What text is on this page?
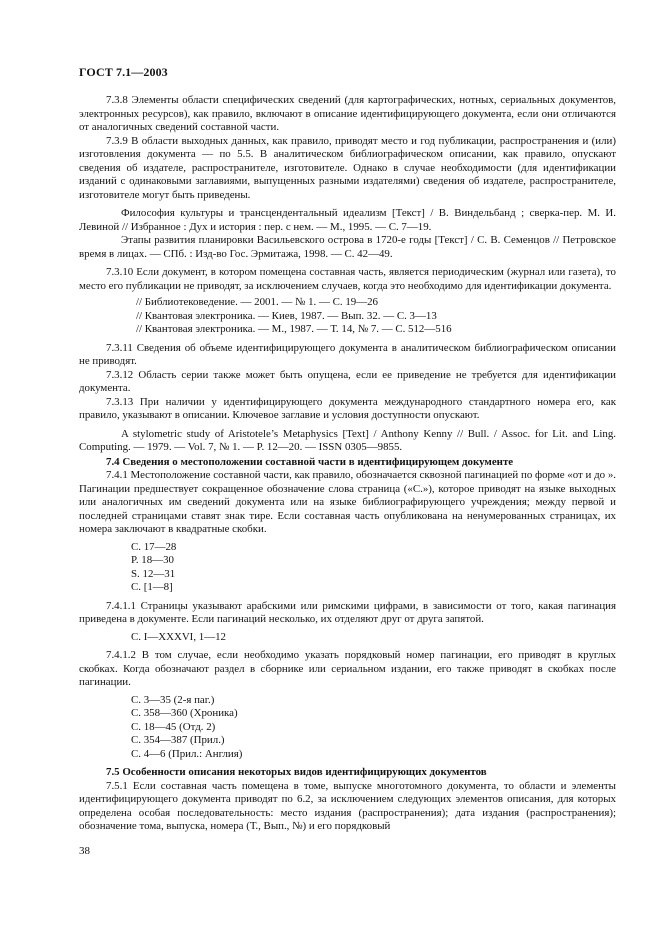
ГОСТ 7.1—2003

7.3.8 Элементы области специфических сведений (для картографических, нотных, сериальных документов, электронных ресурсов), как правило, включают в описание идентифицирующего документа, если они отличаются от аналогичных сведений составной части.

7.3.9 В области выходных данных, как правило, приводят место и год публикации, распространения и (или) изготовления документа — по 5.5. В аналитическом библиографическом описании, как правило, опускают сведения об издателе, распространителе, изготовителе. Однако в случае необходимости (для идентификации изданий с одинаковыми заглавиями, выпущенных разными издателями) сведения об издателе, распространителе, изготовителе могут быть приведены.

Философия культуры и трансцендентальный идеализм [Текст] / В. Виндельбанд ; сверка-пер. М. И. Левиной // Избранное : Дух и история : пер. с нем. — М., 1995. — С. 7—19.

Этапы развития планировки Васильевского острова в 1720-е годы [Текст] / С. В. Семенцов // Петровское время в лицах. — СПб. : Изд-во Гос. Эрмитажа, 1998. — С. 42—49.

7.3.10 Если документ, в котором помещена составная часть, является периодическим (журнал или газета), то место его публикации не приводят, за исключением случаев, когда это необходимо для идентификации документа.

// Библиотековедение. — 2001. — № 1. — С. 19—26
// Квантовая электроника. — Киев, 1987. — Вып. 32. — С. 3—13
// Квантовая электроника. — М., 1987. — Т. 14, № 7. — С. 512—516

7.3.11 Сведения об объеме идентифицирующего документа в аналитическом библиографическом описании не приводят.

7.3.12 Область серии также может быть опущена, если ее приведение не требуется для идентификации документа.

7.3.13 При наличии у идентифицирующего документа международного стандартного номера его, как правило, указывают в описании. Ключевое заглавие и условия доступности опускают.

A stylometric study of Aristotele’s Metaphysics [Text] / Anthony Kenny // Bull. / Assoc. for Lit. and Ling. Computing. — 1979. — Vol. 7, № 1. — P. 12—20. — ISSN 0305—9855.

7.4 Сведения о местоположении составной части в идентифицирующем документе

7.4.1 Местоположение составной части, как правило, обозначается сквозной пагинацией по форме «от и до ». Пагинации предшествует сокращенное обозначение слова страница («С.»), которое приводят на языке выходных или аналогичных им сведений документа или на языке библиографирующего учреждения; между первой и последней страницами ставят знак тире. Если составная часть опубликована на ненумерованных страницах, их номера заключают в квадратные скобки.

C. 17—28
P. 18—30
S. 12—31
C. [1—8]

7.4.1.1 Страницы указывают арабскими или римскими цифрами, в зависимости от того, какая пагинация приведена в документе. Если пагинаций несколько, их отделяют друг от друга запятой.

C. I—XXXVI, 1—12

7.4.1.2 В том случае, если необходимо указать порядковый номер пагинации, его приводят в круглых скобках. Когда обозначают раздел в сборнике или сериальном издании, его также приводят в скобках после пагинации.

C. 3—35 (2-я паг.)
C. 358—360 (Хроника)
C. 18—45 (Отд. 2)
C. 354—387 (Прил.)
C. 4—6 (Прил.: Англия)

7.5 Особенности описания некоторых видов идентифицирующих документов

7.5.1 Если составная часть помещена в томе, выпуске многотомного документа, то области и элементы идентифицирующего документа приводят по 6.2, за исключением следующих элементов описания, для которых определена особая последовательность: место издания (распространения); дата издания (распространения); обозначение тома, выпуска, номера (Т., Вып., №) и его порядковый

38
